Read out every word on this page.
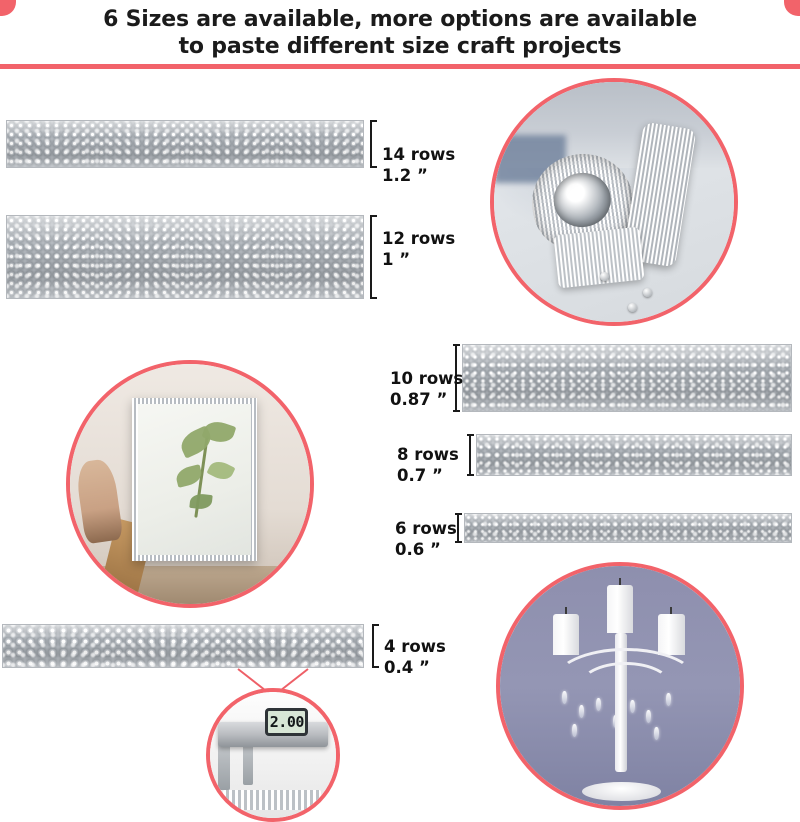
6 Sizes are available, more options are available
to paste different size craft projects
14 rows
1.2 ”
12 rows
1 ”
10 rows
0.87 ”
8 rows
0.7 ”
6 rows
0.6 ”
4 rows
0.4 ”
2.00
